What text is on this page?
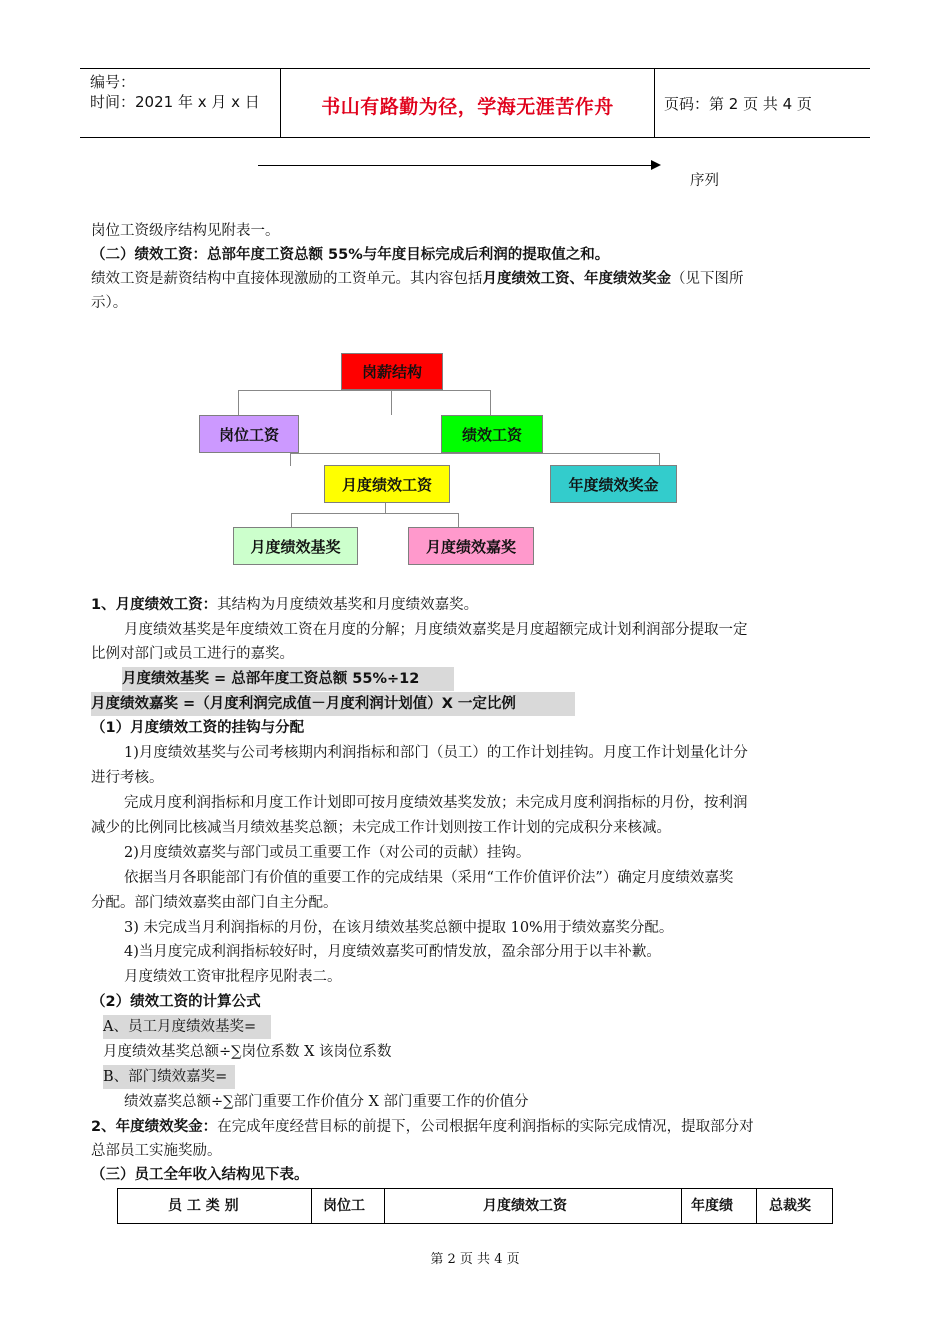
编号：
时间：2021 年 x 月 x 日	书山有路勤为径，学海无涯苦作舟	页码：第 2 页 共 4 页
序列
岗位工资级序结构见附表一。
（二）绩效工资：总部年度工资总额 55%与年度目标完成后利润的提取值之和。
绩效工资是薪资结构中直接体现激励的工资单元。其内容包括月度绩效工资、年度绩效奖金（见下图所
示）。
岗薪结构
岗位工资	绩效工资
月度绩效工资	年度绩效奖金
月度绩效基奖	月度绩效嘉奖
1、月度绩效工资：其结构为月度绩效基奖和月度绩效嘉奖。
月度绩效基奖是年度绩效工资在月度的分解；月度绩效嘉奖是月度超额完成计划利润部分提取一定
比例对部门或员工进行的嘉奖。
月度绩效基奖 = 总部年度工资总额 55%÷12
月度绩效嘉奖 =（月度利润完成值－月度利润计划值）X 一定比例
（1）月度绩效工资的挂钩与分配
1)月度绩效基奖与公司考核期内利润指标和部门（员工）的工作计划挂钩。月度工作计划量化计分
进行考核。
完成月度利润指标和月度工作计划即可按月度绩效基奖发放；未完成月度利润指标的月份，按利润
减少的比例同比核减当月绩效基奖总额；未完成工作计划则按工作计划的完成积分来核减。
2)月度绩效嘉奖与部门或员工重要工作（对公司的贡献）挂钩。
依据当月各职能部门有价值的重要工作的完成结果（采用“工作价值评价法”）确定月度绩效嘉奖
分配。部门绩效嘉奖由部门自主分配。
3) 未完成当月利润指标的月份，在该月绩效基奖总额中提取 10%用于绩效嘉奖分配。
4)当月度完成利润指标较好时，月度绩效嘉奖可酌情发放，盈余部分用于以丰补歉。
月度绩效工资审批程序见附表二。
（2）绩效工资的计算公式
A、员工月度绩效基奖=
月度绩效基奖总额÷∑岗位系数 X 该岗位系数
B、部门绩效嘉奖=
绩效嘉奖总额÷∑部门重要工作价值分 X 部门重要工作的价值分
2、年度绩效奖金：在完成年度经营目标的前提下，公司根据年度利润指标的实际完成情况，提取部分对
总部员工实施奖励。
（三）员工全年收入结构见下表。
员 工 类 别	岗位工	月度绩效工资	年度绩	总裁奖
第 2 页 共 4 页
